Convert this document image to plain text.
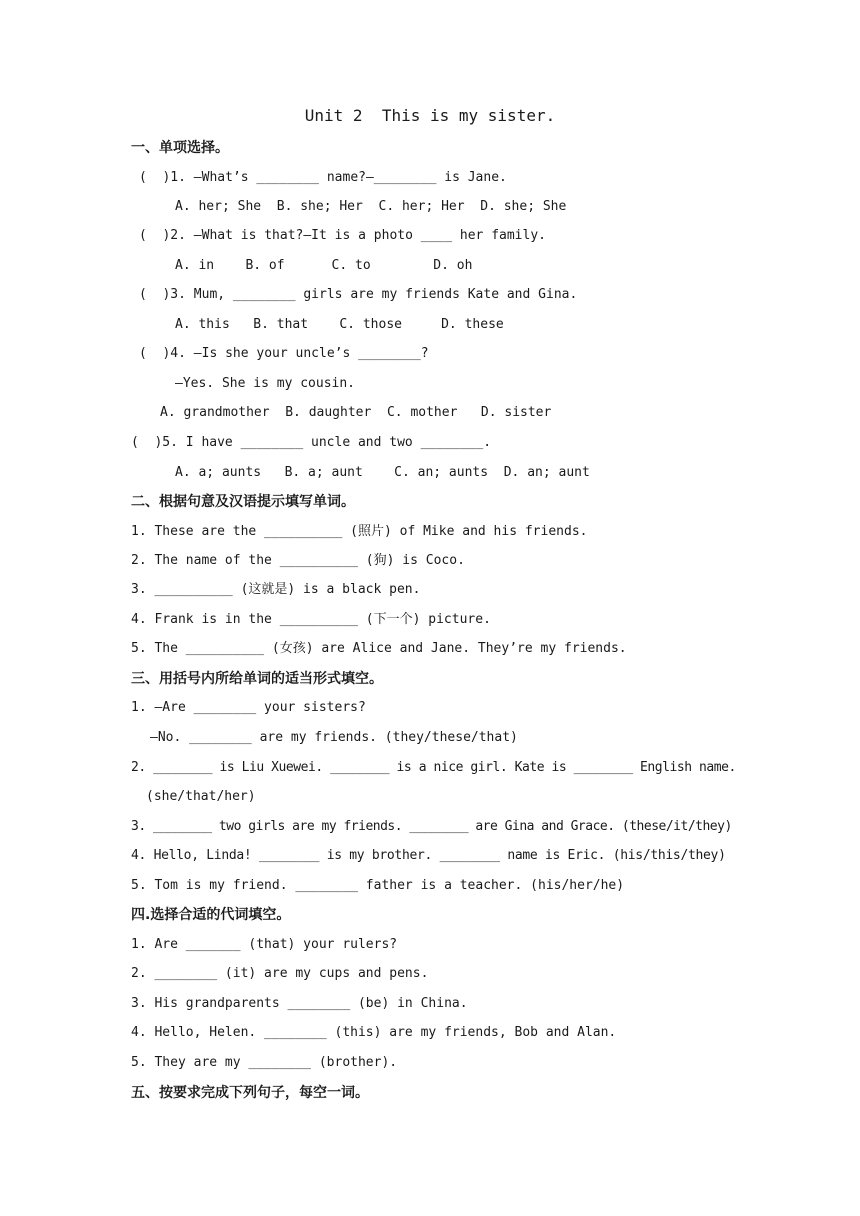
Unit 2  This is my sister.
一、单项选择。
(  )1. —What’s ________ name?—________ is Jane.
A. her; She  B. she; Her  C. her; Her  D. she; She
(  )2. —What is that?—It is a photo ____ her family.
A. in    B. of      C. to        D. oh
(  )3. Mum, ________ girls are my friends Kate and Gina.
A. this   B. that    C. those     D. these
(  )4. —Is she your uncle’s ________?
—Yes. She is my cousin.
A. grandmother  B. daughter  C. mother   D. sister
(  )5. I have ________ uncle and two ________.
A. a; aunts   B. a; aunt    C. an; aunts  D. an; aunt
二、根据句意及汉语提示填写单词。
1. These are the __________ (照片) of Mike and his friends.
2. The name of the __________ (狗) is Coco.
3. __________ (这就是) is a black pen.
4. Frank is in the __________ (下一个) picture.
5. The __________ (女孩) are Alice and Jane. They’re my friends.
三、用括号内所给单词的适当形式填空。
1. —Are ________ your sisters?
—No. ________ are my friends. (they/these/that)
2. ________ is Liu Xuewei. ________ is a nice girl. Kate is ________ English name.
(she/that/her)
3. ________ two girls are my friends. ________ are Gina and Grace. (these/it/they)
4. Hello, Linda! ________ is my brother. ________ name is Eric. (his/this/they)
5. Tom is my friend. ________ father is a teacher. (his/her/he)
四.选择合适的代词填空。
1. Are _______ (that) your rulers?
2. ________ (it) are my cups and pens.
3. His grandparents ________ (be) in China.
4. Hello, Helen. ________ (this) are my friends, Bob and Alan.
5. They are my ________ (brother).
五、按要求完成下列句子，每空一词。
